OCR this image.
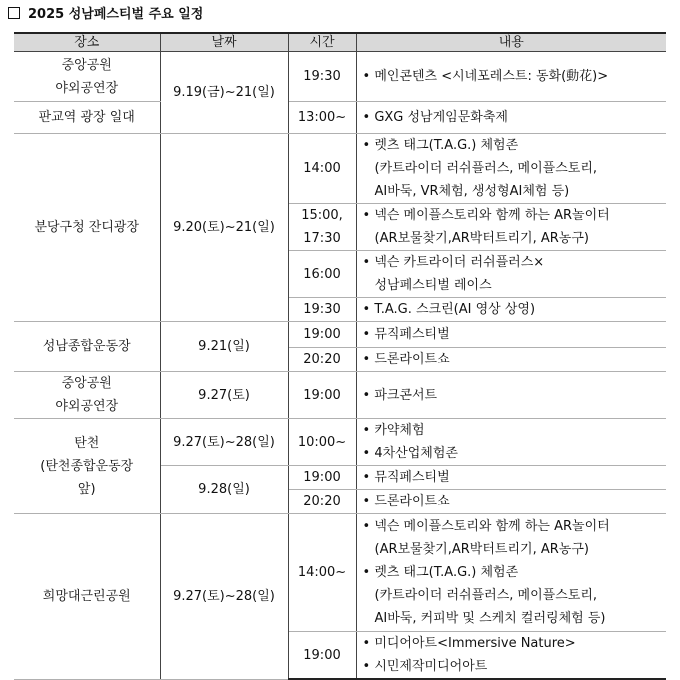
2025 성남페스티벌 주요 일정
장소	날짜	시간	내용

중앙공원
야외공연장	9.19(금)~21(일)	19:30	• 메인콘텐츠 <시네포레스트: 동화(動花)>

판교역 광장 일대		13:00~	• GXG 성남게임문화축제

분당구청 잔디광장	9.20(토)~21(일)	14:00	• 렛츠 태그(T.A.G.) 체험존
(카트라이더 러쉬플러스, 메이플스토리,
AI바둑, VR체험, 생성형AI체험 등)

		15:00,
17:30	• 넥슨 메이플스토리와 함께 하는 AR놀이터
(AR보물찾기,AR박터트리기, AR농구)

		16:00	• 넥슨 카트라이더 러쉬플러스×
성남페스티벌 레이스

		19:30	• T.A.G. 스크린(AI 영상 상영)

성남종합운동장	9.21(일)	19:00	• 뮤직페스티벌

		20:20	• 드론라이트쇼

중앙공원
야외공연장	9.27(토)	19:00	• 파크콘서트

탄천
(탄천종합운동장
앞)	9.27(토)~28(일)	10:00~	• 카약체험
• 4차산업체험존

	9.28(일)	19:00	• 뮤직페스티벌

		20:20	• 드론라이트쇼

희망대근린공원	9.27(토)~28(일)	14:00~	• 넥슨 메이플스토리와 함께 하는 AR놀이터
(AR보물찾기,AR박터트리기, AR농구)
• 렛츠 태그(T.A.G.) 체험존
(카트라이더 러쉬플러스, 메이플스토리,
AI바둑, 커피박 및 스케치 컬러링체험 등)

		19:00	• 미디어아트<Immersive Nature>
• 시민제작미디어아트
